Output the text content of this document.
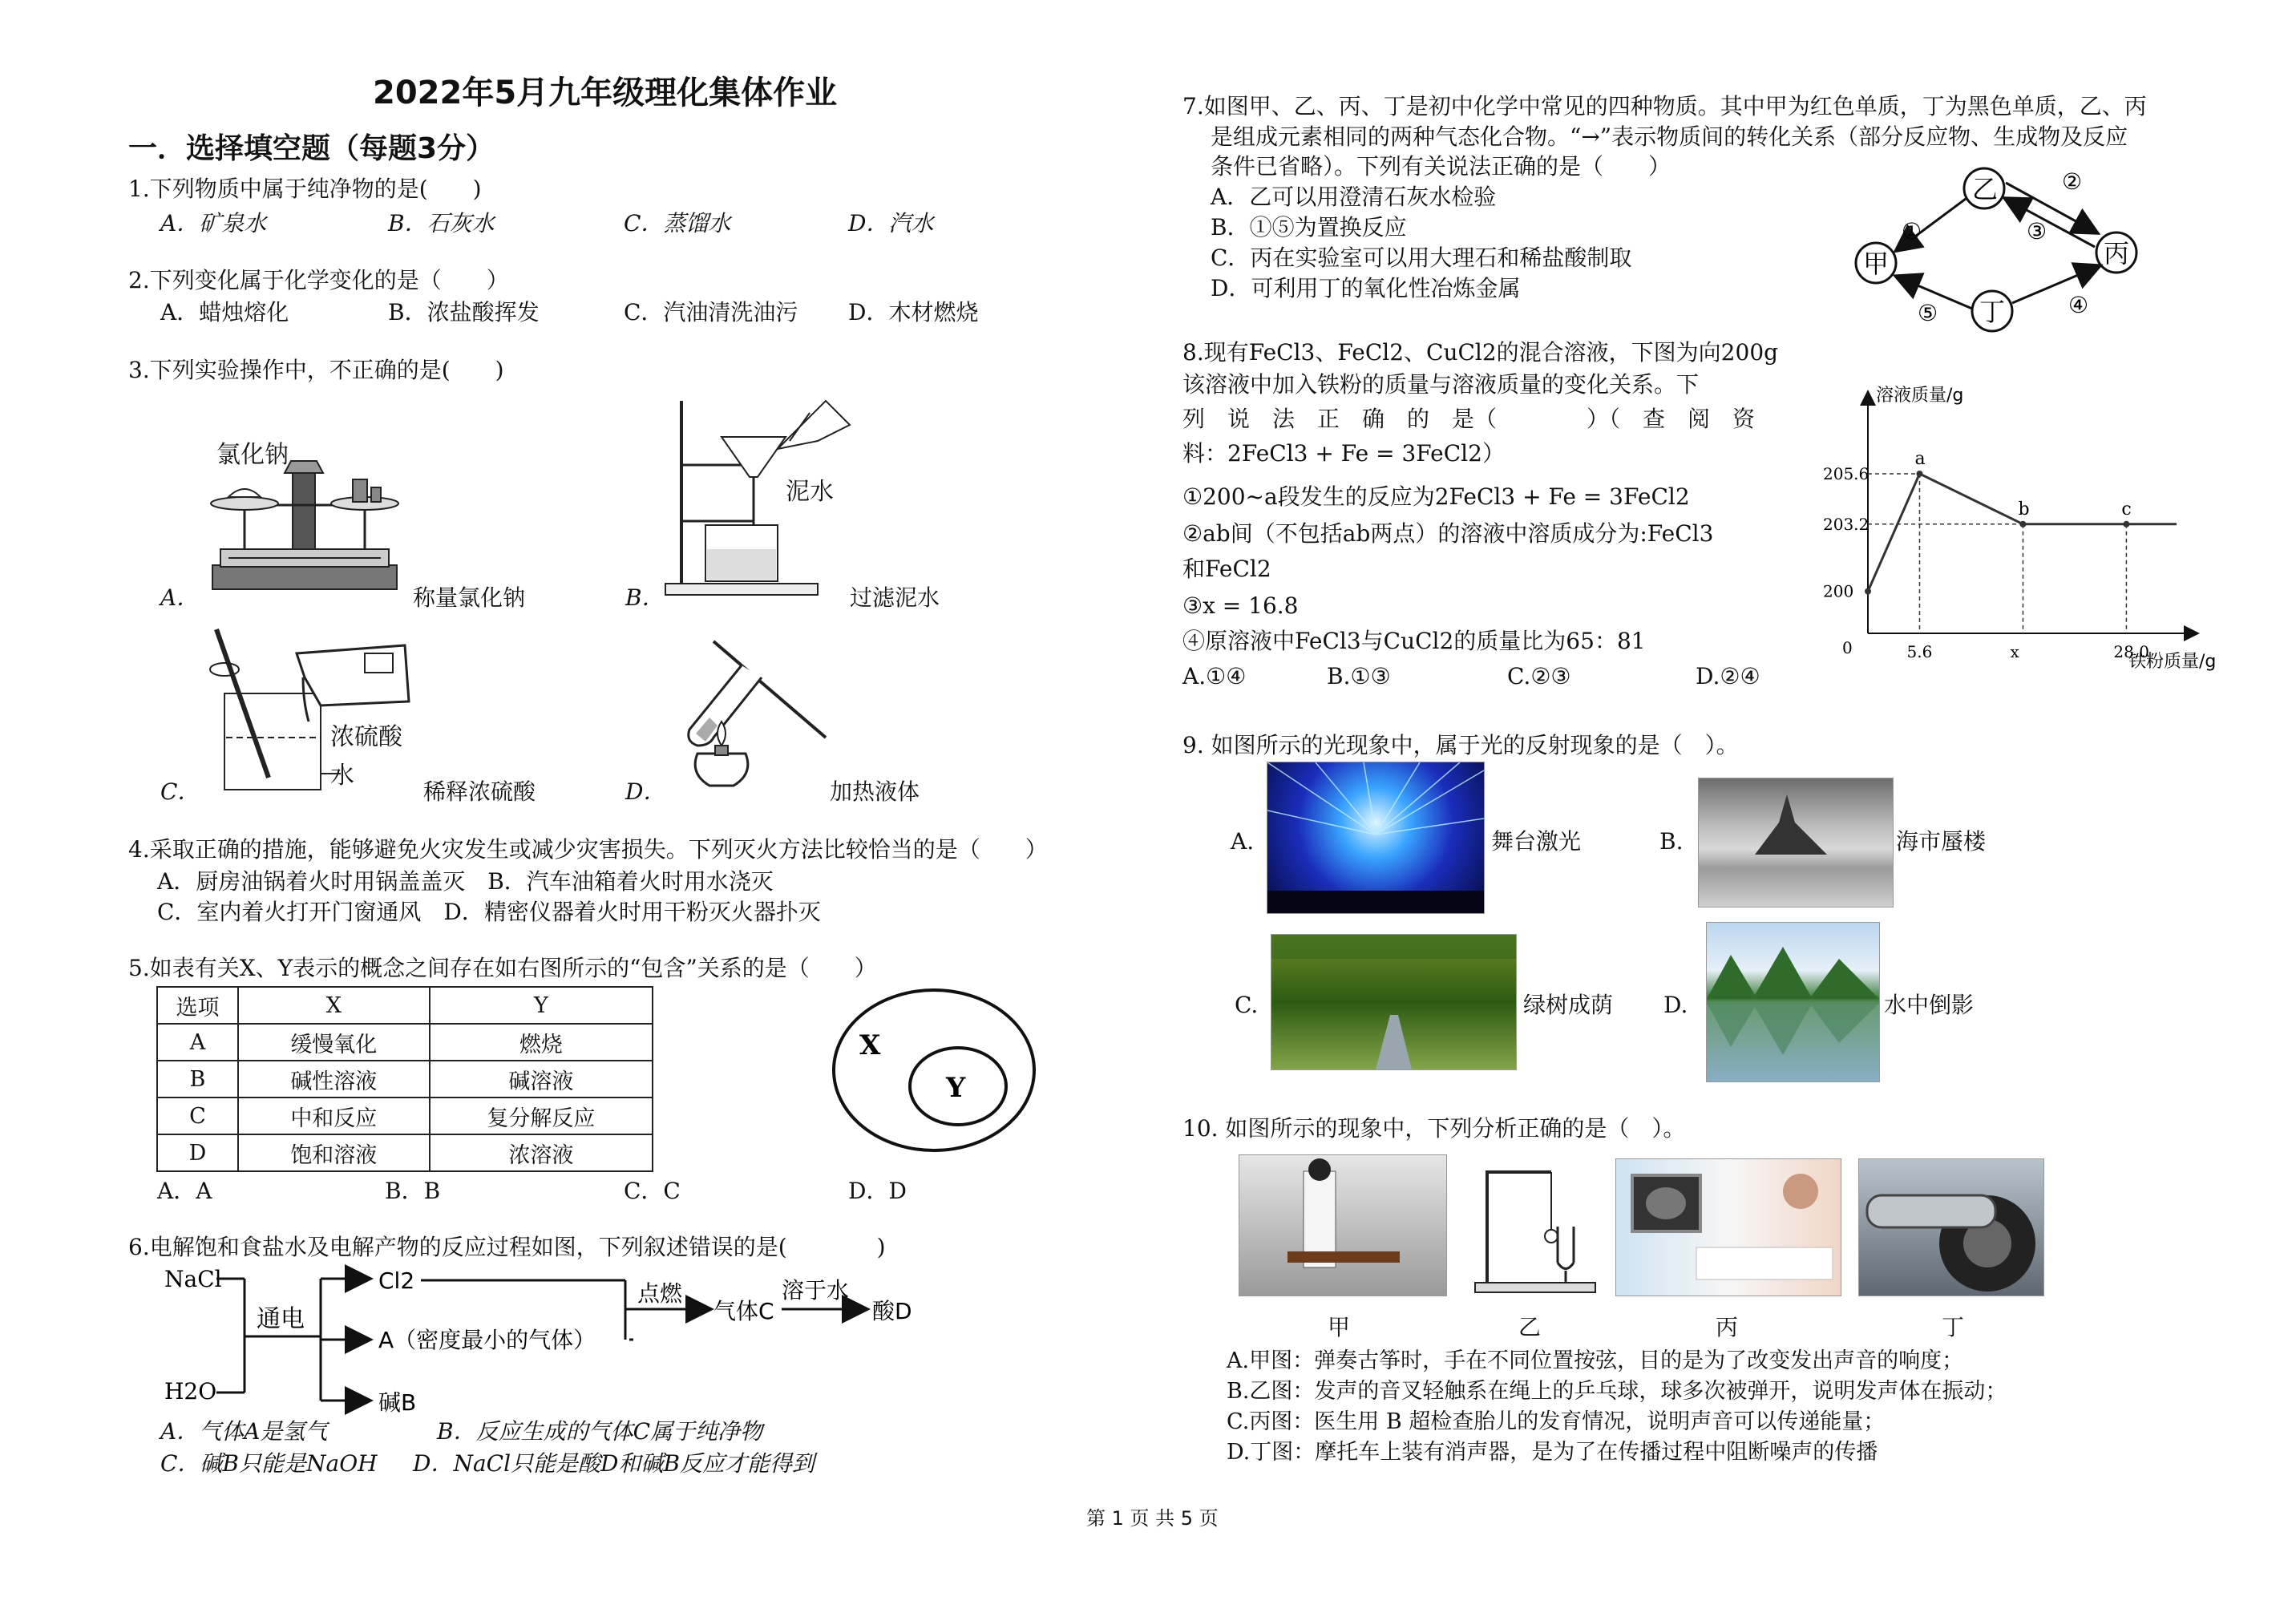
2022年5月九年级理化集体作业
一．选择填空题（每题3分）
1.下列物质中属于纯净物的是(　　)
A．矿泉水	B．石灰水	C．蒸馏水	D．汽水
2.下列变化属于化学变化的是（　　）
A．蜡烛熔化	B．浓盐酸挥发	C．汽油清洗油污 D．木材燃烧
3.下列实验操作中，不正确的是(　　)
氯化钠
A．	称量氯化钠
泥水
B．	过滤泥水
浓硫酸
水
C．	稀释浓硫酸	D．	加热液体
4.采取正确的措施，能够避免火灾发生或减少灾害损失。下列灭火方法比较恰当的是（　　）
A．厨房油锅着火时用锅盖盖灭　B．汽车油箱着火时用水浇灭
C．室内着火打开门窗通风　D．精密仪器着火时用干粉灭火器扑灭
5.如表有关X、Y表示的概念之间存在如右图所示的“包含”关系的是（　　）
选项	X	Y
A	缓慢氧化	燃烧
B	碱性溶液	碱溶液
C	中和反应	复分解反应
D	饱和溶液	浓溶液
A．A	B．B	C．C	D．D
X
Y
6.电解饱和食盐水及电解产物的反应过程如图，下列叙述错误的是(　　　　)
NaCl
H2O
通电
Cl2
A（密度最小的气体）
碱B
点燃
气体C
溶于水
酸D
A．气体A是氢气	B．反应生成的气体C属于纯净物
C．碱B只能是NaOH D．NaCl只能是酸D和碱B反应才能得到
7.如图甲、乙、丙、丁是初中化学中常见的四种物质。其中甲为红色单质，丁为黑色单质，乙、丙
是组成元素相同的两种气态化合物。“→”表示物质间的转化关系（部分反应物、生成物及反应
条件已省略）。下列有关说法正确的是（　　）
A．乙可以用澄清石灰水检验
B．①⑤为置换反应
C．丙在实验室可以用大理石和稀盐酸制取
D．可利用丁的氧化性冶炼金属
乙
甲	丙
丁
①
②
③
④
⑤
8.现有FeCl3、FeCl2、CuCl2的混合溶液，下图为向200g
该溶液中加入铁粉的质量与溶液质量的变化关系。下
列　说　法　正　确　的　是（　　　　）（　查　阅　资
料：2FeCl3 + Fe = 3FeCl2）
①200~a段发生的反应为2FeCl3 + Fe = 3FeCl2
②ab间（不包括ab两点）的溶液中溶质成分为:FeCl3
和FeCl2
③x = 16.8
④原溶液中FeCl3与CuCl2的质量比为65：81
A.①④	B.①③	C.②③	D.②④
溶液质量/g
铁粉质量/g
0
a
b	c
5.6	x	28.0
200
203.2
205.6
9. 如图所示的光现象中，属于光的反射现象的是（　）。
A.	舞台激光	B.	海市蜃楼
C.	绿树成荫 D.	水中倒影
10. 如图所示的现象中，下列分析正确的是（　）。
甲	乙	丙	丁
A.甲图：弹奏古筝时，手在不同位置按弦，目的是为了改变发出声音的响度；
B.乙图：发声的音叉轻触系在绳上的乒乓球，球多次被弹开，说明发声体在振动；
C.丙图：医生用 B 超检查胎儿的发育情况，说明声音可以传递能量；
D.丁图：摩托车上装有消声器，是为了在传播过程中阻断噪声的传播
第 1 页 共 5 页
